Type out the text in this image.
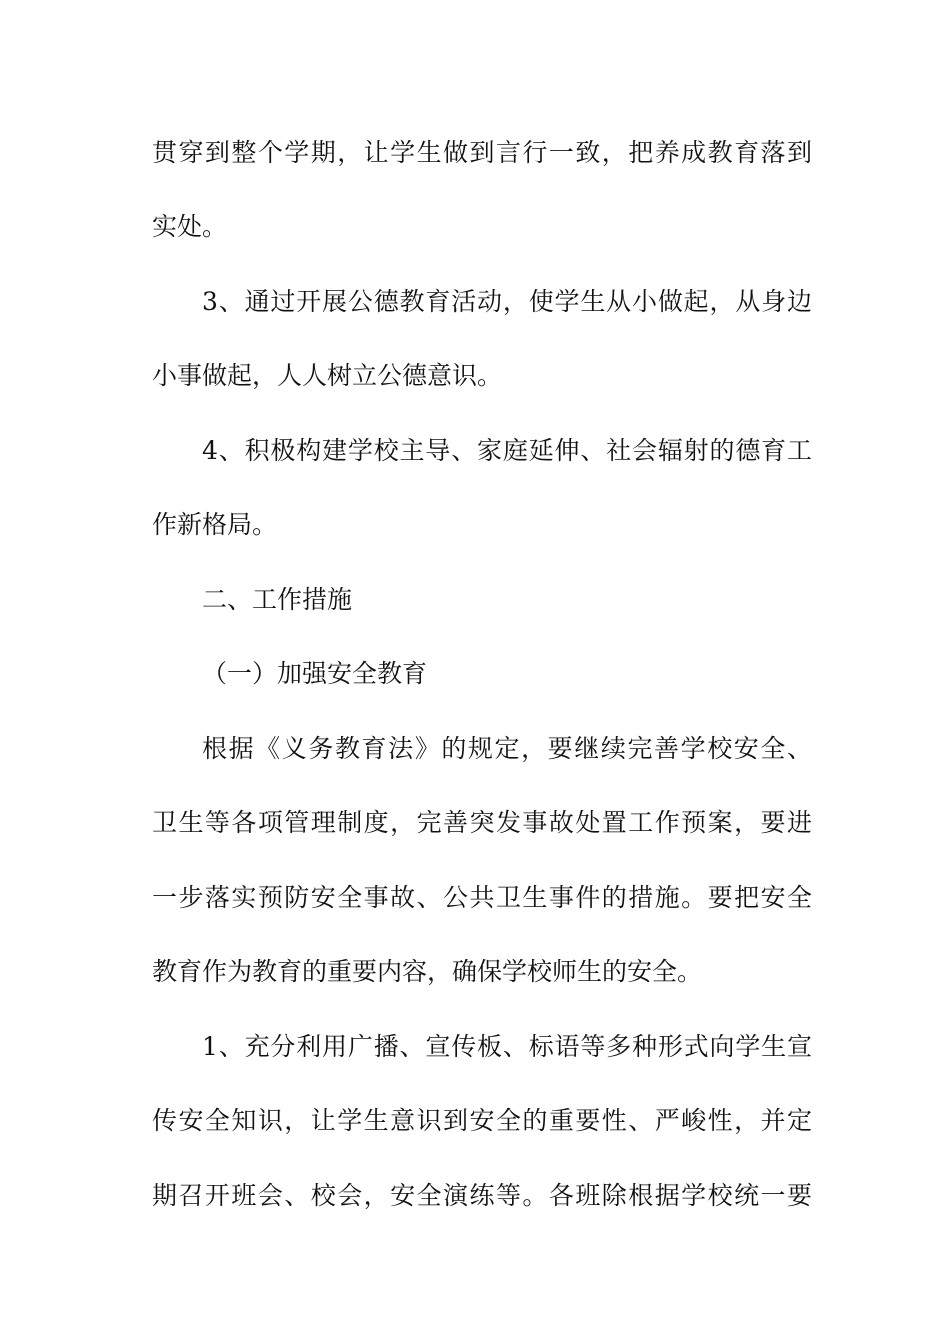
贯穿到整个学期，让学生做到言行一致，把养成教育落到
实处。
3、通过开展公德教育活动，使学生从小做起，从身边
小事做起，人人树立公德意识。
4、积极构建学校主导、家庭延伸、社会辐射的德育工
作新格局。
二、工作措施
（一）加强安全教育
根据《义务教育法》的规定，要继续完善学校安全、
卫生等各项管理制度，完善突发事故处置工作预案，要进
一步落实预防安全事故、公共卫生事件的措施。要把安全
教育作为教育的重要内容，确保学校师生的安全。
1、充分利用广播、宣传板、标语等多种形式向学生宣
传安全知识，让学生意识到安全的重要性、严峻性，并定
期召开班会、校会，安全演练等。各班除根据学校统一要
